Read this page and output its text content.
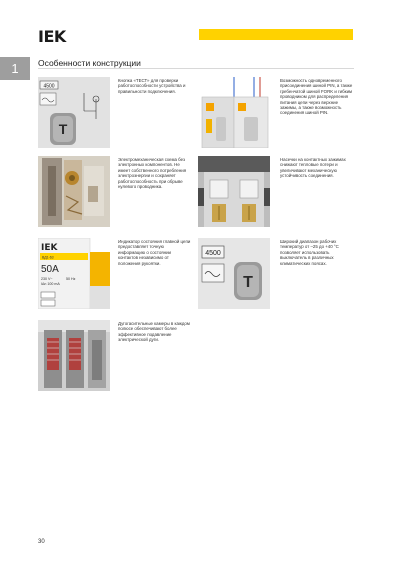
IEK
1	Особенности конструкции
4500
T
Кнопка «ТЕСТ» для проверки работоспособности устройства и правильности подключения.
Возможность одновременного присоединения шиной PIN, а также гребенчатой шиной FORK и гибким проводником для распределения питания цепи через верхние зажимы, а также возможность соединения шиной PIN.
Электромеханическая схема без электронных компонентов. Не имеет собственного потребления электроэнергии и сохраняет работоспособность при обрыве нулевого проводника.
Насечки на контактных зажимах снижают тепловые потери и увеличивают механическую устойчивость соединения.
IEK
ВД1-63
50A
230 V~	50 Hz
IΔn 100 mA
Индикатор состояния главной цепи предоставляет точную информацию о состоянии контактов независимо от положения рукоятки.
4500
T
Широкий диапазон рабочих температур от –25 до +40 °С позволяет использовать выключатель в различных климатических поясах.
Дугогасительные камеры в каждом полюсе обеспечивают более эффективное подавление электрической дуги.
30
